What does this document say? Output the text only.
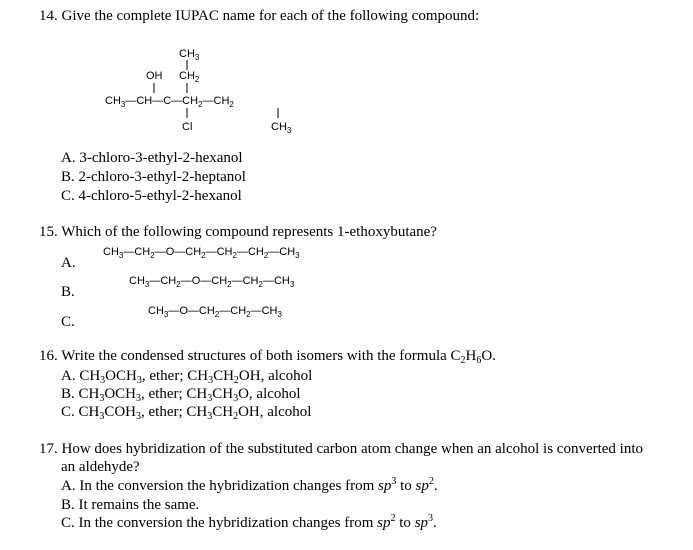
14. Give the complete IUPAC name for each of the following compound:
$CH_3$
OH $CH_2$
$CH_3—CH—C—CH_2—CH_2$
Cl	$CH_3$
A. 3-chloro-3-ethyl-2-hexanol
B. 2-chloro-3-ethyl-2-heptanol
C. 4-chloro-5-ethyl-2-hexanol
15. Which of the following compound represents 1-ethoxybutane?
A.
$CH_3—CH_2—O—CH_2—CH_2—CH_2—CH_3$
B.
$CH_3—CH_2—O—CH_2—CH_2—CH_3$
C.
$CH_3—O—CH_2—CH_2—CH_3$
16. Write the condensed structures of both isomers with the formula $C_2H_6O$.
A. $CH_3OCH_3$, ether; $CH_3CH_2OH$, alcohol
B. $CH_3OCH_3$, ether; $CH_3CH_3O$, alcohol
C. $CH_3COH_3$, ether; $CH_3CH_2OH$, alcohol
17. How does hybridization of the substituted carbon atom change when an alcohol is converted into
an aldehyde?
A. In the conversion the hybridization changes from $sp^3$ to $sp^2$.
B. It remains the same.
C. In the conversion the hybridization changes from $sp^2$ to $sp^3$.
